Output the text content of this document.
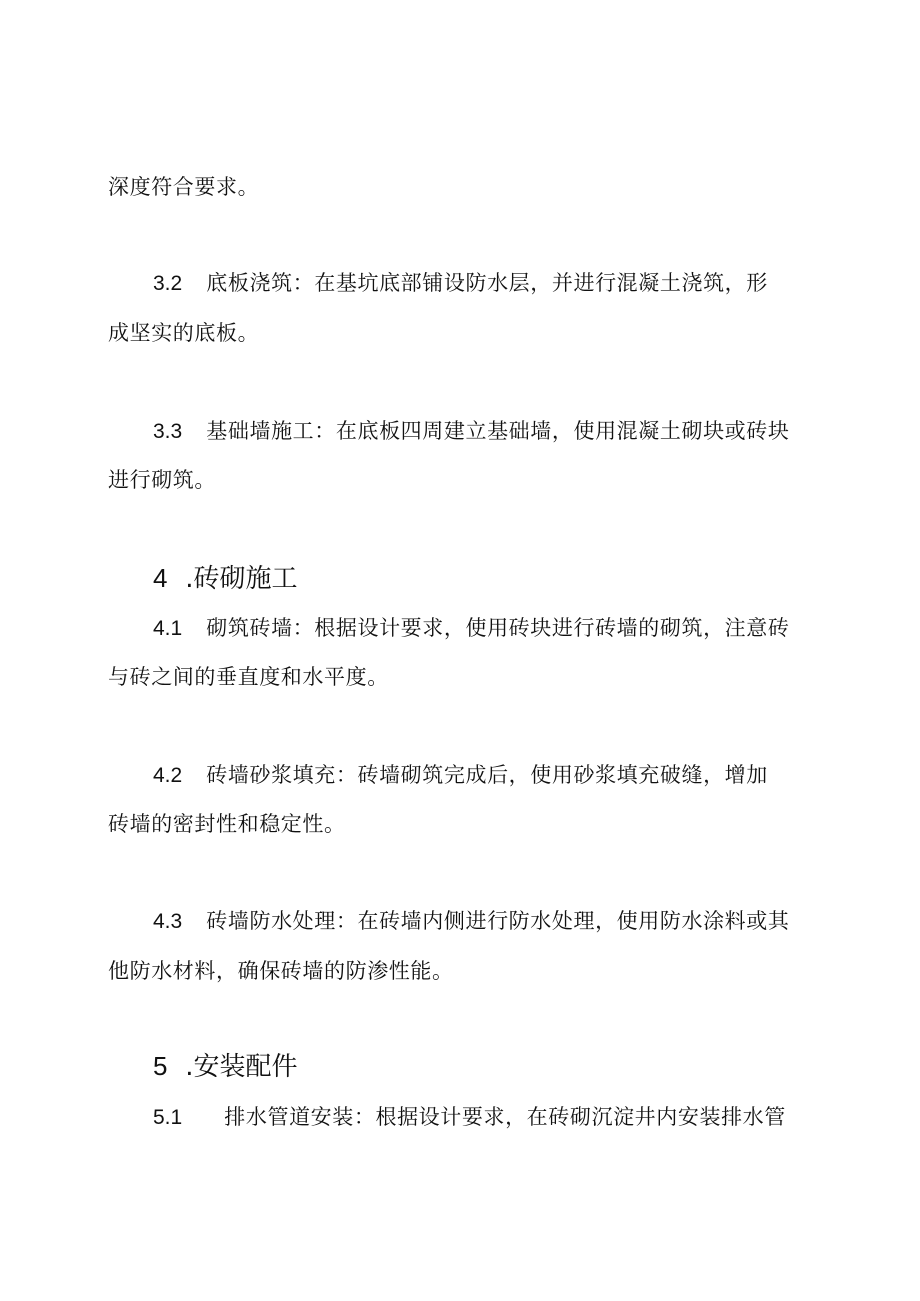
深度符合要求。
3.2 底板浇筑：在基坑底部铺设防水层，并进行混凝土浇筑，形
成坚实的底板。
3.3 基础墙施工：在底板四周建立基础墙，使用混凝土砌块或砖块
进行砌筑。
4 .砖砌施工
4.1 砌筑砖墙：根据设计要求，使用砖块进行砖墙的砌筑，注意砖
与砖之间的垂直度和水平度。
4.2 砖墙砂浆填充：砖墙砌筑完成后，使用砂浆填充破缝，增加
砖墙的密封性和稳定性。
4.3 砖墙防水处理：在砖墙内侧进行防水处理，使用防水涂料或其
他防水材料，确保砖墙的防渗性能。
5 .安装配件
5.1 排水管道安装：根据设计要求，在砖砌沉淀井内安装排水管
